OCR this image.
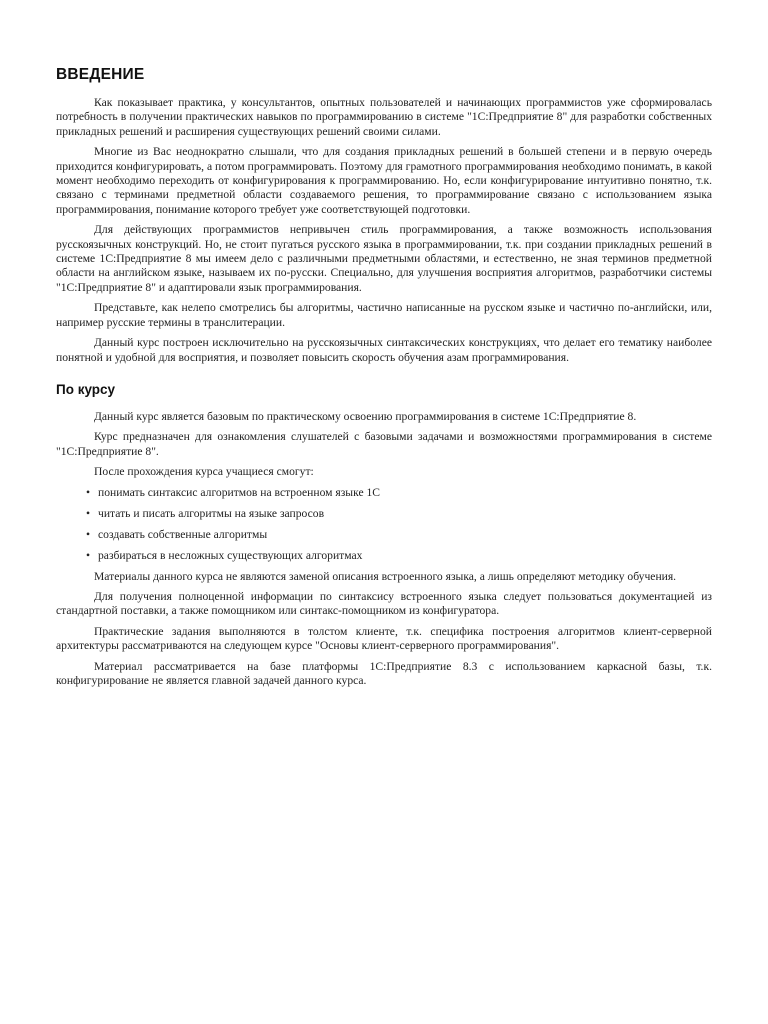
ВВЕДЕНИЕ

Как показывает практика, у консультантов, опытных пользователей и начинающих программистов уже сформировалась потребность в получении практических навыков по программированию в системе "1С:Предприятие 8" для разработки собственных прикладных решений и расширения существующих решений своими силами.

Многие из Вас неоднократно слышали, что для создания прикладных решений в большей степени и в первую очередь приходится конфигурировать, а потом программировать. Поэтому для грамотного программирования необходимо понимать, в какой момент необходимо переходить от конфигурирования к программированию. Но, если конфигурирование интуитивно понятно, т.к. связано с терминами предметной области создаваемого решения, то программирование связано с использованием языка программирования, понимание которого требует уже соответствующей подготовки.

Для действующих программистов непривычен стиль программирования, а также возможность использования русскоязычных конструкций. Но, не стоит пугаться русского языка в программировании, т.к. при создании прикладных решений в системе 1С:Предприятие 8 мы имеем дело с различными предметными областями, и естественно, не зная терминов предметной области на английском языке, называем их по-русски. Специально, для улучшения восприятия алгоритмов, разработчики системы "1С:Предприятие 8" и адаптировали язык программирования.

Представьте, как нелепо смотрелись бы алгоритмы, частично написанные на русском языке и частично по-английски, или, например русские термины в транслитерации.

Данный курс построен исключительно на русскоязычных синтаксических конструкциях, что делает его тематику наиболее понятной и удобной для восприятия, и позволяет повысить скорость обучения азам программирования.

По курсу

Данный курс является базовым по практическому освоению программирования в системе 1С:Предприятие 8.

Курс предназначен для ознакомления слушателей с базовыми задачами и возможностями программирования в системе "1С:Предприятие 8".

После прохождения курса учащиеся смогут:

• понимать синтаксис алгоритмов на встроенном языке 1С
• читать и писать алгоритмы на языке запросов
• создавать собственные алгоритмы
• разбираться в несложных существующих алгоритмах

Материалы данного курса не являются заменой описания встроенного языка, а лишь определяют методику обучения.

Для получения полноценной информации по синтаксису встроенного языка следует пользоваться документацией из стандартной поставки, а также помощником или синтакс-помощником из конфигуратора.

Практические задания выполняются в толстом клиенте, т.к. специфика построения алгоритмов клиент-серверной архитектуры рассматриваются на следующем курсе "Основы клиент-серверного программирования".

Материал рассматривается на базе платформы 1С:Предприятие 8.3 с использованием каркасной базы, т.к. конфигурирование не является главной задачей данного курса.
